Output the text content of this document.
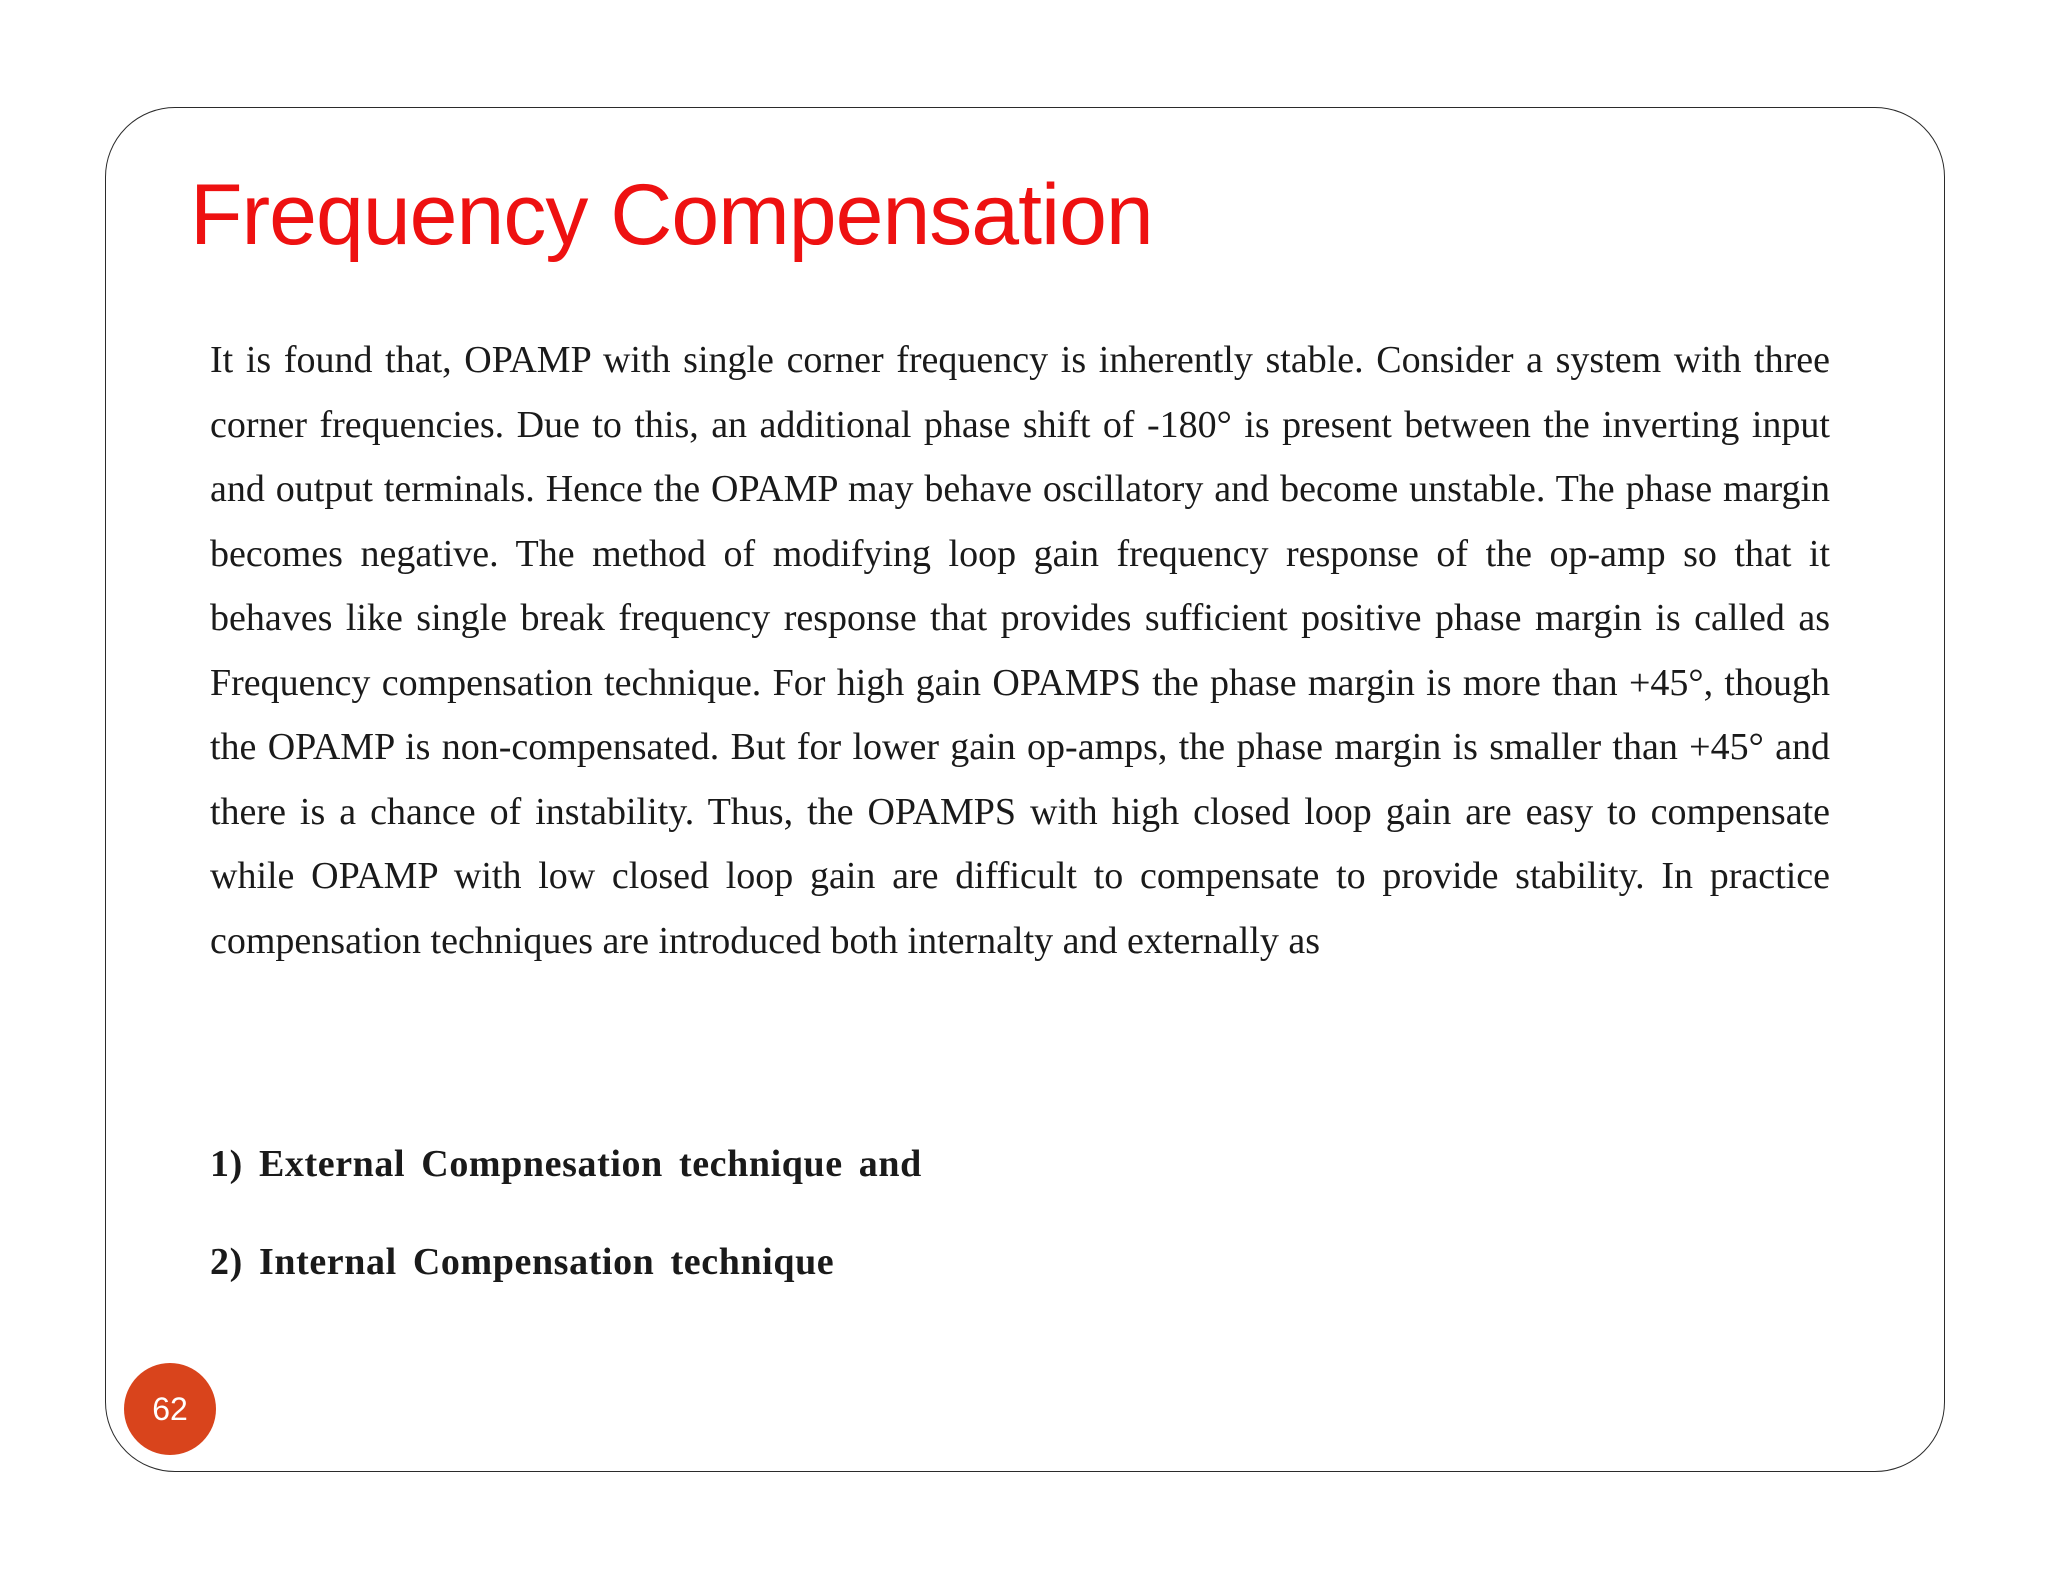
Frequency Compensation

It is found that, OPAMP with single corner frequency is inherently stable. Consider a system with three corner frequencies. Due to this, an additional phase shift of -180° is present between the inverting input and output terminals. Hence the OPAMP may behave oscillatory and become unstable. The phase margin becomes negative. The method of modifying loop gain frequency response of the op-amp so that it behaves like single break frequency response that provides sufficient positive phase margin is called as Frequency compensation technique. For high gain OPAMPS the phase margin is more than +45°, though the OPAMP is non-compensated. But for lower gain op-amps, the phase margin is smaller than +45° and there is a chance of instability. Thus, the OPAMPS with high closed loop gain are easy to compensate while OPAMP with low closed loop gain are difficult to compensate to provide stability. In practice compensation techniques are introduced both internalty and externally as

1) External Compnesation technique and
2) Internal Compensation technique
62
